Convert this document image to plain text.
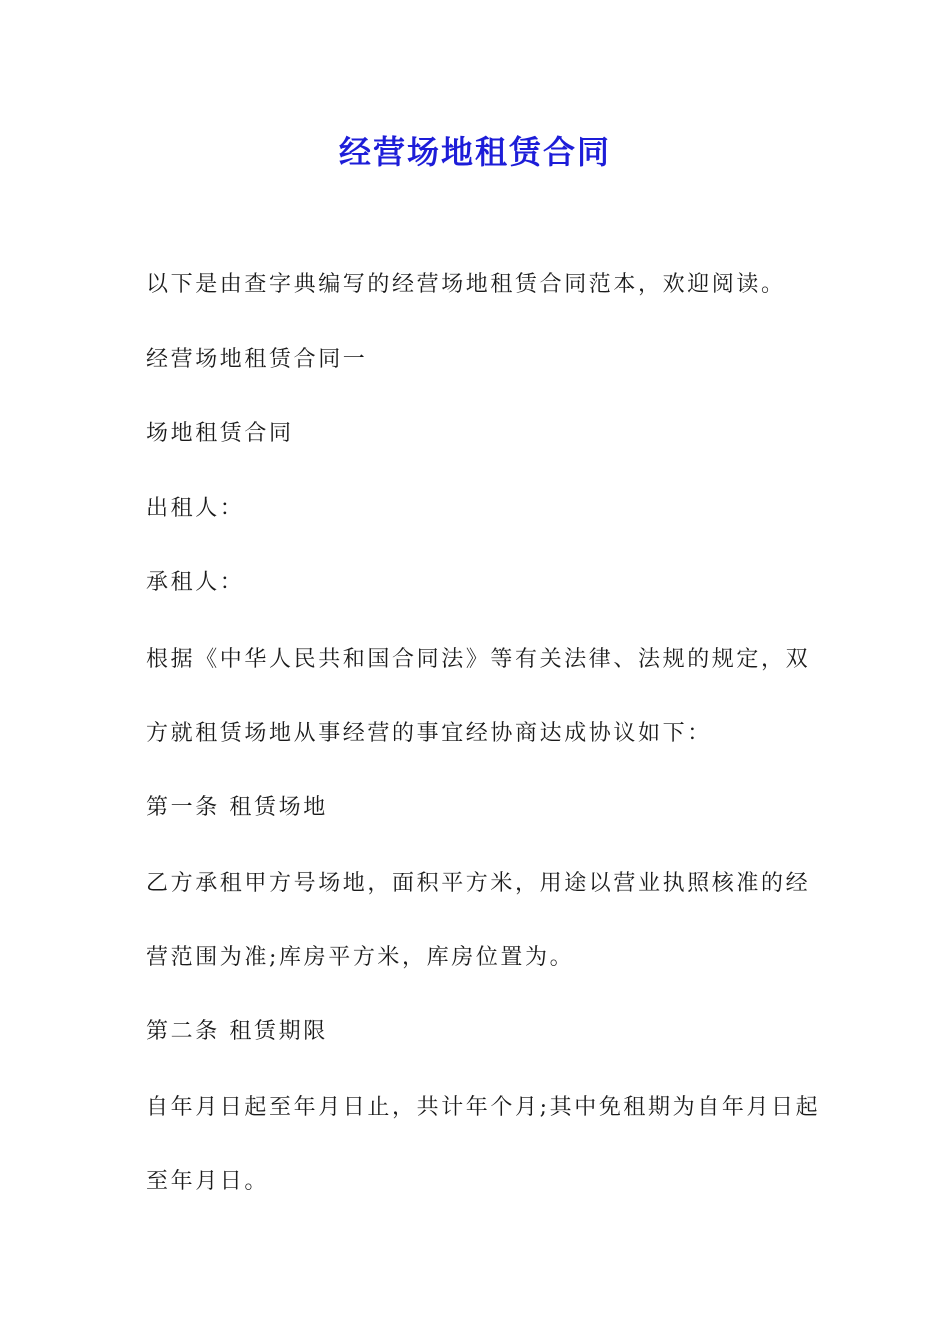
经营场地租赁合同
以下是由查字典编写的经营场地租赁合同范本，欢迎阅读。
经营场地租赁合同一
场地租赁合同
出租人：
承租人：
根据《中华人民共和国合同法》等有关法律、法规的规定，双
方就租赁场地从事经营的事宜经协商达成协议如下：
第一条 租赁场地
乙方承租甲方号场地，面积平方米，用途以营业执照核准的经
营范围为准;库房平方米，库房位置为。
第二条 租赁期限
自年月日起至年月日止，共计年个月;其中免租期为自年月日起
至年月日。
